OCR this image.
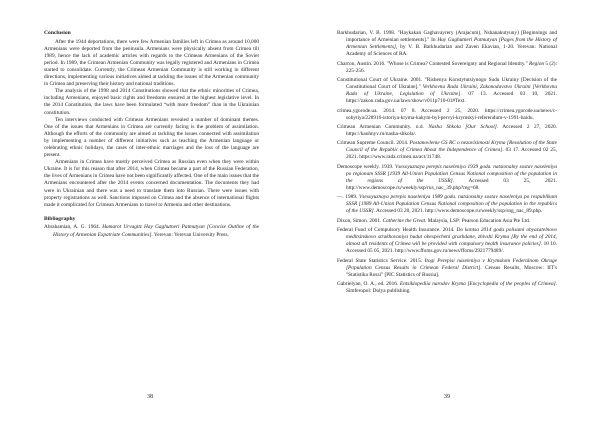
Conclusion

After the 1944 deportations, there were few Armenian families left in Crimea as around 10,000 Armenians were deported from the peninsula. Armenians were physically absent from Crimea till 1989, hence the lack of academic articles with regards to the Crimean Armenians of the Soviet period. In 1989, the Crimean Armenian Community was legally registered and Armenians in Crimea started to consolidate. Currently, the Crimean Armenian Community is still working in different directions, implementing various initiatives aimed at tackling the issues of the Armenian community in Crimea and preserving their history and national traditions.

The analysis of the 1998 and 2014 Constitutions showed that the ethnic minorities of Crimea, including Armenians, enjoyed basic rights and freedoms ensured at the highest legislative level. In the 2014 Constitution, the laws have been formulated “with more freedom” than in the Ukrainian constitution.

Ten interviews conducted with Crimean Armenians revealed a number of dominant themes. One of the issues that Armenians in Crimea are currently facing is the problem of assimilation. Although the efforts of the community are aimed at tackling the issues connected with assimilation by implementing a number of different initiatives such as teaching the Armenian language or celebrating ethnic holidays, the cases of inter-ethnic marriages and the loss of the language are present.

Armenians in Crimea have mostly perceived Crimea as Russian even when they were within Ukraine. It is for this reason that after 2014, when Crimea became a part of the Russian Federation, the lives of Armenians in Crimea have not been significantly affected. One of the main issues that the Armenians encountered after the 2014 events concerned documentation. The documents they had were in Ukrainian and there was a need to translate them into Russian. There were issues with property registrations as well. Sanctions imposed on Crimea and the absence of international flights made it complicated for Crimean Armenians to travel to Armenia and other destinations.

Bibliography
Abrahamian, A. G. 1964. Hamarot Urvagitz Hay Gaghutneri Patmutyan [Concise Outline of the History of Armenian Expatriate Communities]. Yerevan: Yerevan University Press.
38
Barkhudarian, V. B. 1998. "Haykakan Gaghavayrery (Arajacum), Nshanakutyuny) [Beginnings and importance of Armenian settlements]." In Hay Gaghutneri Patmutyan [Pages from the History of Armenian Settlements], by V. B. Barkhudarian and Zaven Ekavian, 1-20. Yerevan: National Academy of Sciences of RA.
Charron, Austin. 2016. "Whose is Crimea? Contested Sovereignty and Regional Identity." Region 5 (2): 225-256.
Constitutional Court of Ukraine. 2001. "Rishenya Konstytutsiynogo Sudu Ukrainy [Decision of the Constitutional Court of Ukraine]." Verkhovna Rada Ukraini, Zakonodavstvo Ukraini [Verkhovna Rada of Ukraine, Legislation of Ukraine]. 07 13. Accessed 03 10, 2021. https://zakon.rada.gov.ua/laws/show/v011p710-01#Text.
crimea.ygorode.ua. 2014. 07 8. Accessed 2 25, 2020. https://crimea.ygorode.ua/news/c-sobytiya/228916-istoriya-kryma-kakym-byl-pervyi-krymskyi-referendum-v-1991-baidu.
Crimean Armenian Community. n.d. Nasha Shkola [Our School]. Accessed 2 27, 2020. https://kaohnyv.ru/nasha-shkola/.
Crimean Supreme Council. 2014. Postanovlenie GS RC o nezavisimosti Kryma [Resolution of the State Council of the Republic of Crimea About the Independence of Crimea]. 03 17. Accessed 02 25, 2021. https://www.rada.crimea.ua/act/11748.
Demoscope weekly. 1939. Vsesoyuznaya perepis naseleniya 1939 goda. natsionalny sostav naseleniya po regionam SSSR [1939 All-Union Population Census National composition of the population in the regions of the USSR]. Accessed 03 25, 2021. http://www.demoscope.ru/weekly/ssp/rus_nac_39.php?reg=68.
—. 1989. Vsesoyuznaya perepis naseleniya 1989 goda. natsionalny sostav naseleniya po respublikam SSSR [1989 All-Union Population Census National composition of the population in the republics of the USSR]. Accessed 03 20, 2021. http://www.demoscope.ru/weekly/ssp/sng_nac_89.php.
Dixon, Simon. 2001. Catherine the Great. Malaysia, LSP: Pearson Education Asia Pte Ltd.
Federal Fund of Compulsory Health Insurance. 2014. Do kontsa 2014 goda polisami obyazatelnovo meditsinskovo strakhovaniya budut obespecheni grazhdane, zhivshi Kryma [By the end of 2014, almost all residents of Crimea will be provided with compulsory health insurance policies]. 10 10. Accessed 05 05, 2021. http://www.ffoms.gov.ru/news/ffoms/2921779489/.
Federal State Statistics Service. 2015. Itogi Perepisi naseleniya v Krymskom Federalnom Okruge [Population Census Results in Crimean Federal District]. Census Results, Moscow: IIT's "Statistika Rossi" [PIC Statistics of Russia].
Gabrielyan, O. A., ed. 2016. Entsiklopediia narodov Kryma [Encyclopedia of the peoples of Crimea]. Simferopol: Dolya publishing.
39
